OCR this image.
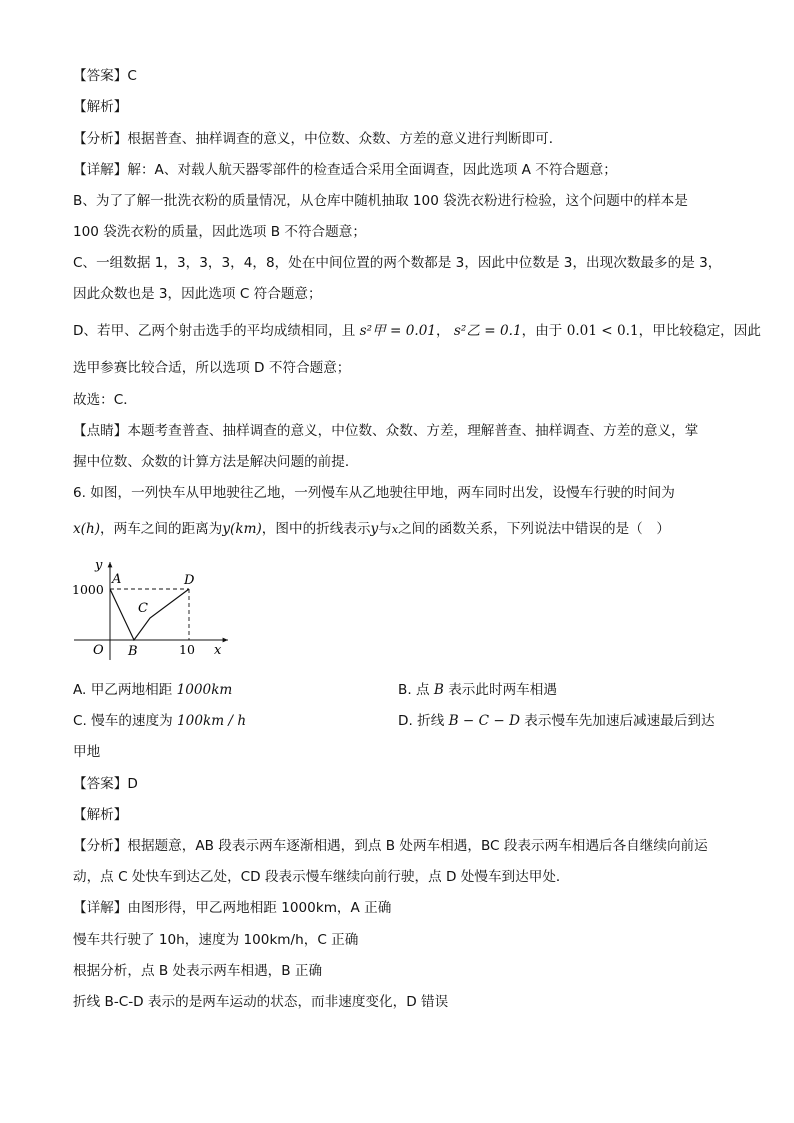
【答案】C
【解析】
【分析】根据普查、抽样调查的意义，中位数、众数、方差的意义进行判断即可．
【详解】解：A、对载人航天器零部件的检查适合采用全面调查，因此选项 A 不符合题意；
B、为了了解一批洗衣粉的质量情况，从仓库中随机抽取 100 袋洗衣粉进行检验，这个问题中的样本是
100 袋洗衣粉的质量，因此选项 B 不符合题意；
C、一组数据 1，3，3，3，4，8，处在中间位置的两个数都是 3，因此中位数是 3，出现次数最多的是 3，
因此众数也是 3，因此选项 C 符合题意；
D、若甲、乙两个射击选手的平均成绩相同，且 s²甲 = 0.01， s²乙 = 0.1，由于 0.01 < 0.1，甲比较稳定，因此
选甲参赛比较合适，所以选项 D 不符合题意；
故选：C．
【点睛】本题考查普查、抽样调查的意义，中位数、众数、方差，理解普查、抽样调查、方差的意义，掌
握中位数、众数的计算方法是解决问题的前提．
6. 如图，一列快车从甲地驶往乙地，一列慢车从乙地驶往甲地，两车同时出发，设慢车行驶的时间为
x(h)，两车之间的距离为y(km)，图中的折线表示y与x之间的函数关系，下列说法中错误的是（　）
y
x
O
A
B
C
D
1000
10
A. 甲乙两地相距 1000km	B. 点 B 表示此时两车相遇
C. 慢车的速度为 100km / h	D. 折线 B − C − D 表示慢车先加速后减速最后到达
甲地
【答案】D
【解析】
【分析】根据题意，AB 段表示两车逐渐相遇，到点 B 处两车相遇，BC 段表示两车相遇后各自继续向前运
动，点 C 处快车到达乙处，CD 段表示慢车继续向前行驶，点 D 处慢车到达甲处．
【详解】由图形得，甲乙两地相距 1000km，A 正确
慢车共行驶了 10h，速度为 100km/h，C 正确
根据分析，点 B 处表示两车相遇，B 正确
折线 B-C-D 表示的是两车运动的状态，而非速度变化，D 错误
